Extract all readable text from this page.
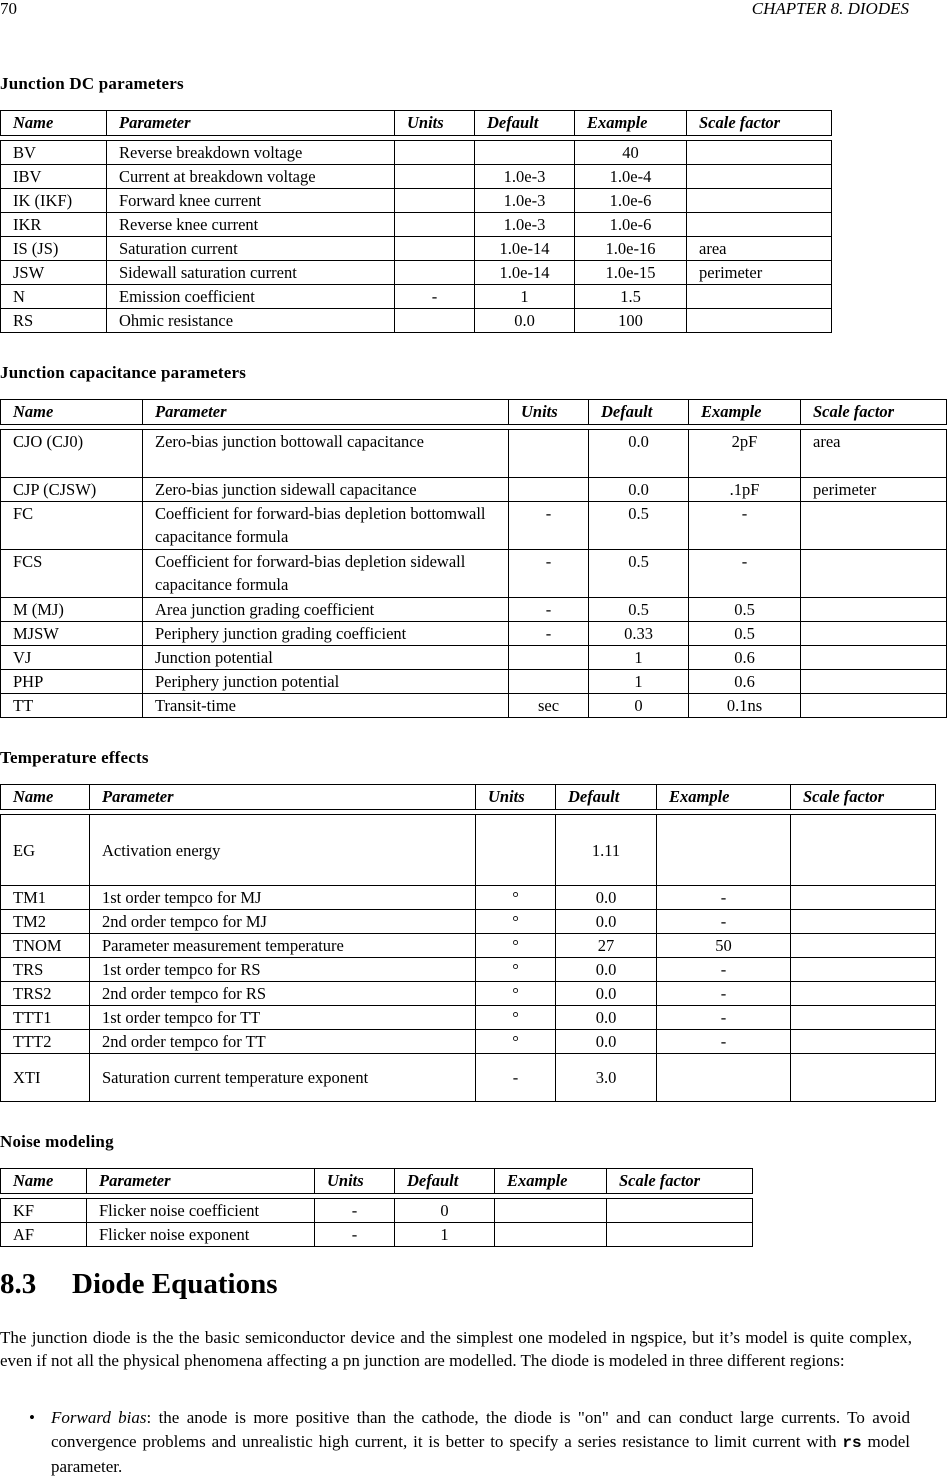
70	CHAPTER 8. DIODES
Junction DC parameters
Name	Parameter	Units	Default	Example	Scale factor

BV	Reverse breakdown voltage			40	
IBV	Current at breakdown voltage		1.0e-3	1.0e-4	
IK (IKF)	Forward knee current		1.0e-3	1.0e-6	
IKR	Reverse knee current		1.0e-3	1.0e-6	
IS (JS)	Saturation current		1.0e-14	1.0e-16	area
JSW	Sidewall saturation current		1.0e-14	1.0e-15	perimeter
N	Emission coefficient	-	1	1.5	
RS	Ohmic resistance		0.0	100	
Junction capacitance parameters
Name	Parameter	Units	Default	Example	Scale factor

CJO (CJ0)	Zero-bias junction bottowall capacitance		0.0	2pF	area
CJP (CJSW)	Zero-bias junction sidewall capacitance		0.0	.1pF	perimeter
FC	Coefficient for forward-bias depletion bottomwall capacitance formula	-	0.5	-	
FCS	Coefficient for forward-bias depletion sidewall capacitance formula	-	0.5	-	
M (MJ)	Area junction grading coefficient	-	0.5	0.5	
MJSW	Periphery junction grading coefficient	-	0.33	0.5	
VJ	Junction potential		1	0.6	
PHP	Periphery junction potential		1	0.6	
TT	Transit-time	sec	0	0.1ns	
Temperature effects
Name	Parameter	Units	Default	Example	Scale factor

EG	Activation energy		1.11		
TM1	1st order tempco for MJ	°	0.0	-	
TM2	2nd order tempco for MJ	°	0.0	-	
TNOM	Parameter measurement temperature	°	27	50	
TRS	1st order tempco for RS	°	0.0	-	
TRS2	2nd order tempco for RS	°	0.0	-	
TTT1	1st order tempco for TT	°	0.0	-	
TTT2	2nd order tempco for TT	°	0.0	-	
XTI	Saturation current temperature exponent	-	3.0		
Noise modeling
Name	Parameter	Units	Default	Example	Scale factor

KF	Flicker noise coefficient	-	0		
AF	Flicker noise exponent	-	1		
8.3 Diode Equations

The junction diode is the the basic semiconductor device and the simplest one modeled in ngspice, but it’s model is quite complex, even if not all the physical phenomena affecting a pn junction are modelled. The diode is modeled in three different regions:

• Forward bias: the anode is more positive than the cathode, the diode is "on" and can conduct large currents. To avoid convergence problems and unrealistic high current, it is better to specify a series resistance to limit current with rs model parameter.
